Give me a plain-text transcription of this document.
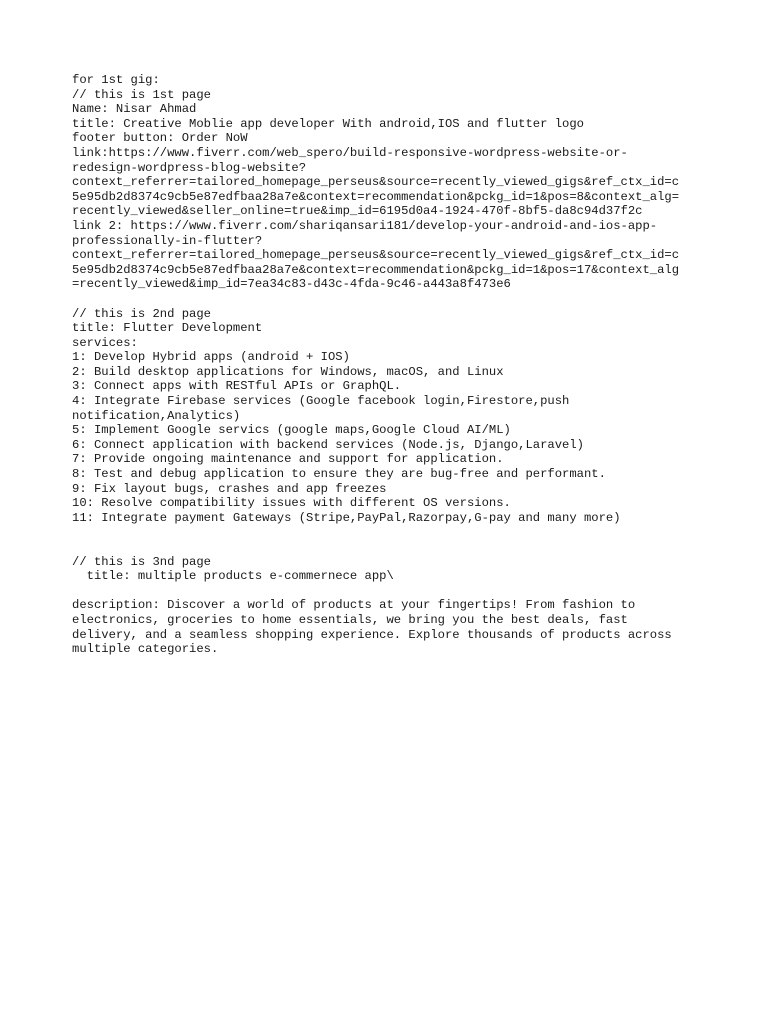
for 1st gig:
// this is 1st page
Name: Nisar Ahmad
title: Creative Moblie app developer With android,IOS and flutter logo
footer button: Order NoW
link:https://www.fiverr.com/web_spero/build-responsive-wordpress-website-or-
redesign-wordpress-blog-website?
context_referrer=tailored_homepage_perseus&source=recently_viewed_gigs&ref_ctx_id=c
5e95db2d8374c9cb5e87edfbaa28a7e&context=recommendation&pckg_id=1&pos=8&context_alg=
recently_viewed&seller_online=true&imp_id=6195d0a4-1924-470f-8bf5-da8c94d37f2c
link 2: https://www.fiverr.com/shariqansari181/develop-your-android-and-ios-app-
professionally-in-flutter?
context_referrer=tailored_homepage_perseus&source=recently_viewed_gigs&ref_ctx_id=c
5e95db2d8374c9cb5e87edfbaa28a7e&context=recommendation&pckg_id=1&pos=17&context_alg
=recently_viewed&imp_id=7ea34c83-d43c-4fda-9c46-a443a8f473e6
// this is 2nd page
title: Flutter Development
services:
1: Develop Hybrid apps (android + IOS)
2: Build desktop applications for Windows, macOS, and Linux
3: Connect apps with RESTful APIs or GraphQL.
4: Integrate Firebase services (Google facebook login,Firestore,push
notification,Analytics)
5: Implement Google servics (google maps,Google Cloud AI/ML)
6: Connect application with backend services (Node.js, Django,Laravel)
7: Provide ongoing maintenance and support for application.
8: Test and debug application to ensure they are bug-free and performant.
9: Fix layout bugs, crashes and app freezes
10: Resolve compatibility issues with different OS versions.
11: Integrate payment Gateways (Stripe,PayPal,Razorpay,G-pay and many more)
// this is 3nd page
title: multiple products e-commernece app\
description: Discover a world of products at your fingertips! From fashion to
electronics, groceries to home essentials, we bring you the best deals, fast
delivery, and a seamless shopping experience. Explore thousands of products across
multiple categories.
